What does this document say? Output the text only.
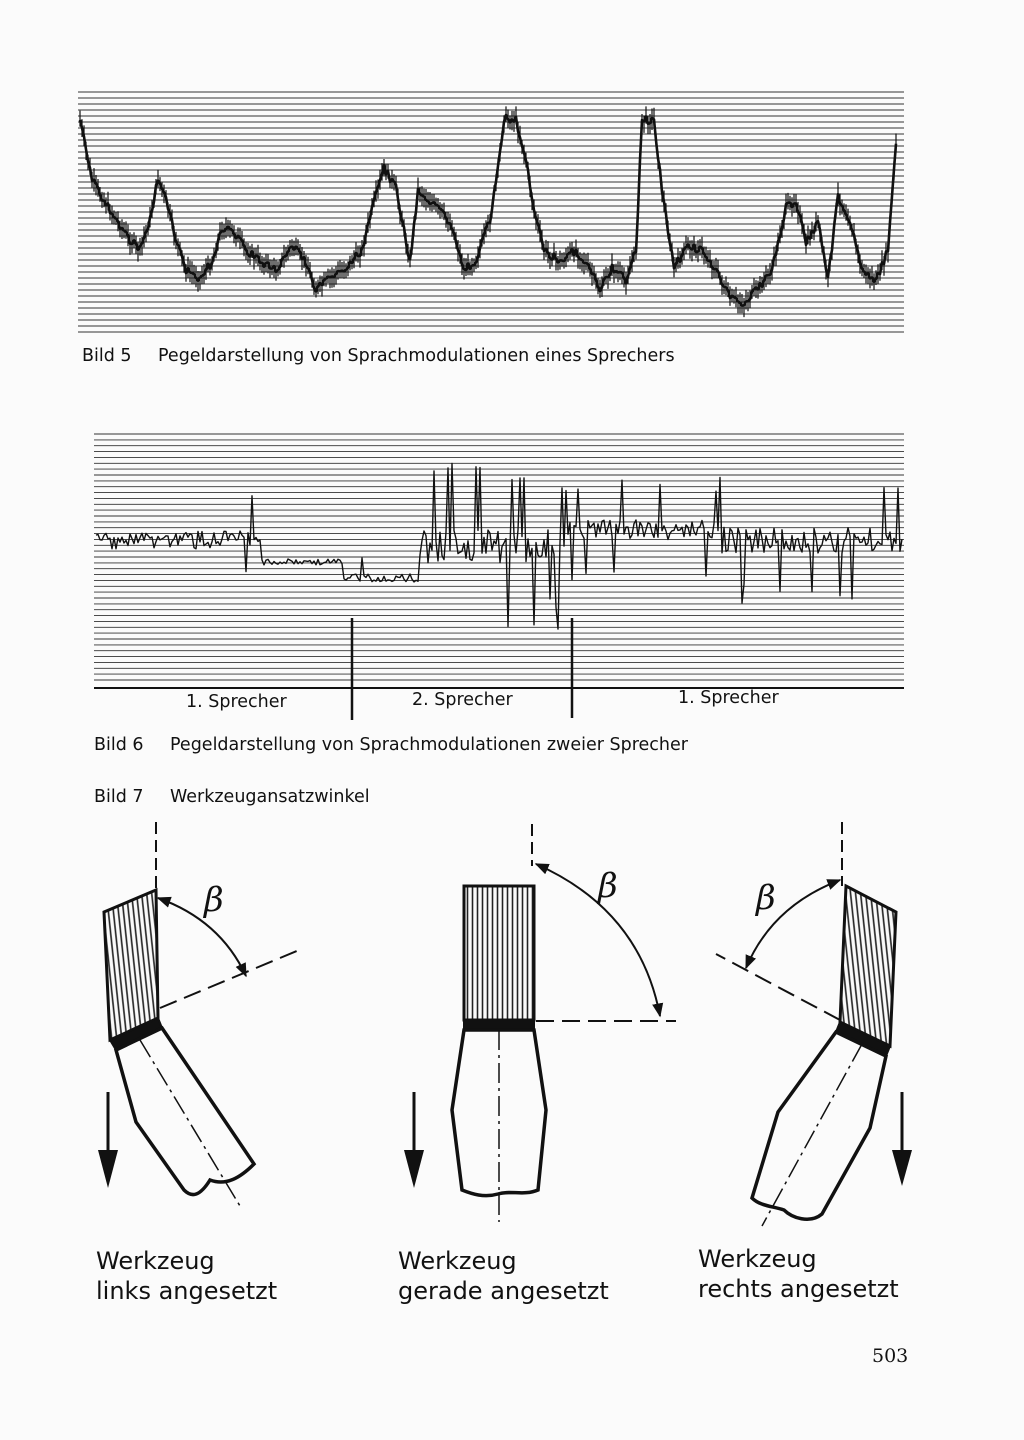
Bild 5 Pegeldarstellung von Sprachmodulationen eines Sprechers
1. Sprecher	2. Sprecher	1. Sprecher
Bild 6 Pegeldarstellung von Sprachmodulationen zweier Sprecher
Bild 7 Werkzeugansatzwinkel
β	β	β
Werkzeug
links angesetzt
Werkzeug
gerade angesetzt
Werkzeug
rechts angesetzt
503
